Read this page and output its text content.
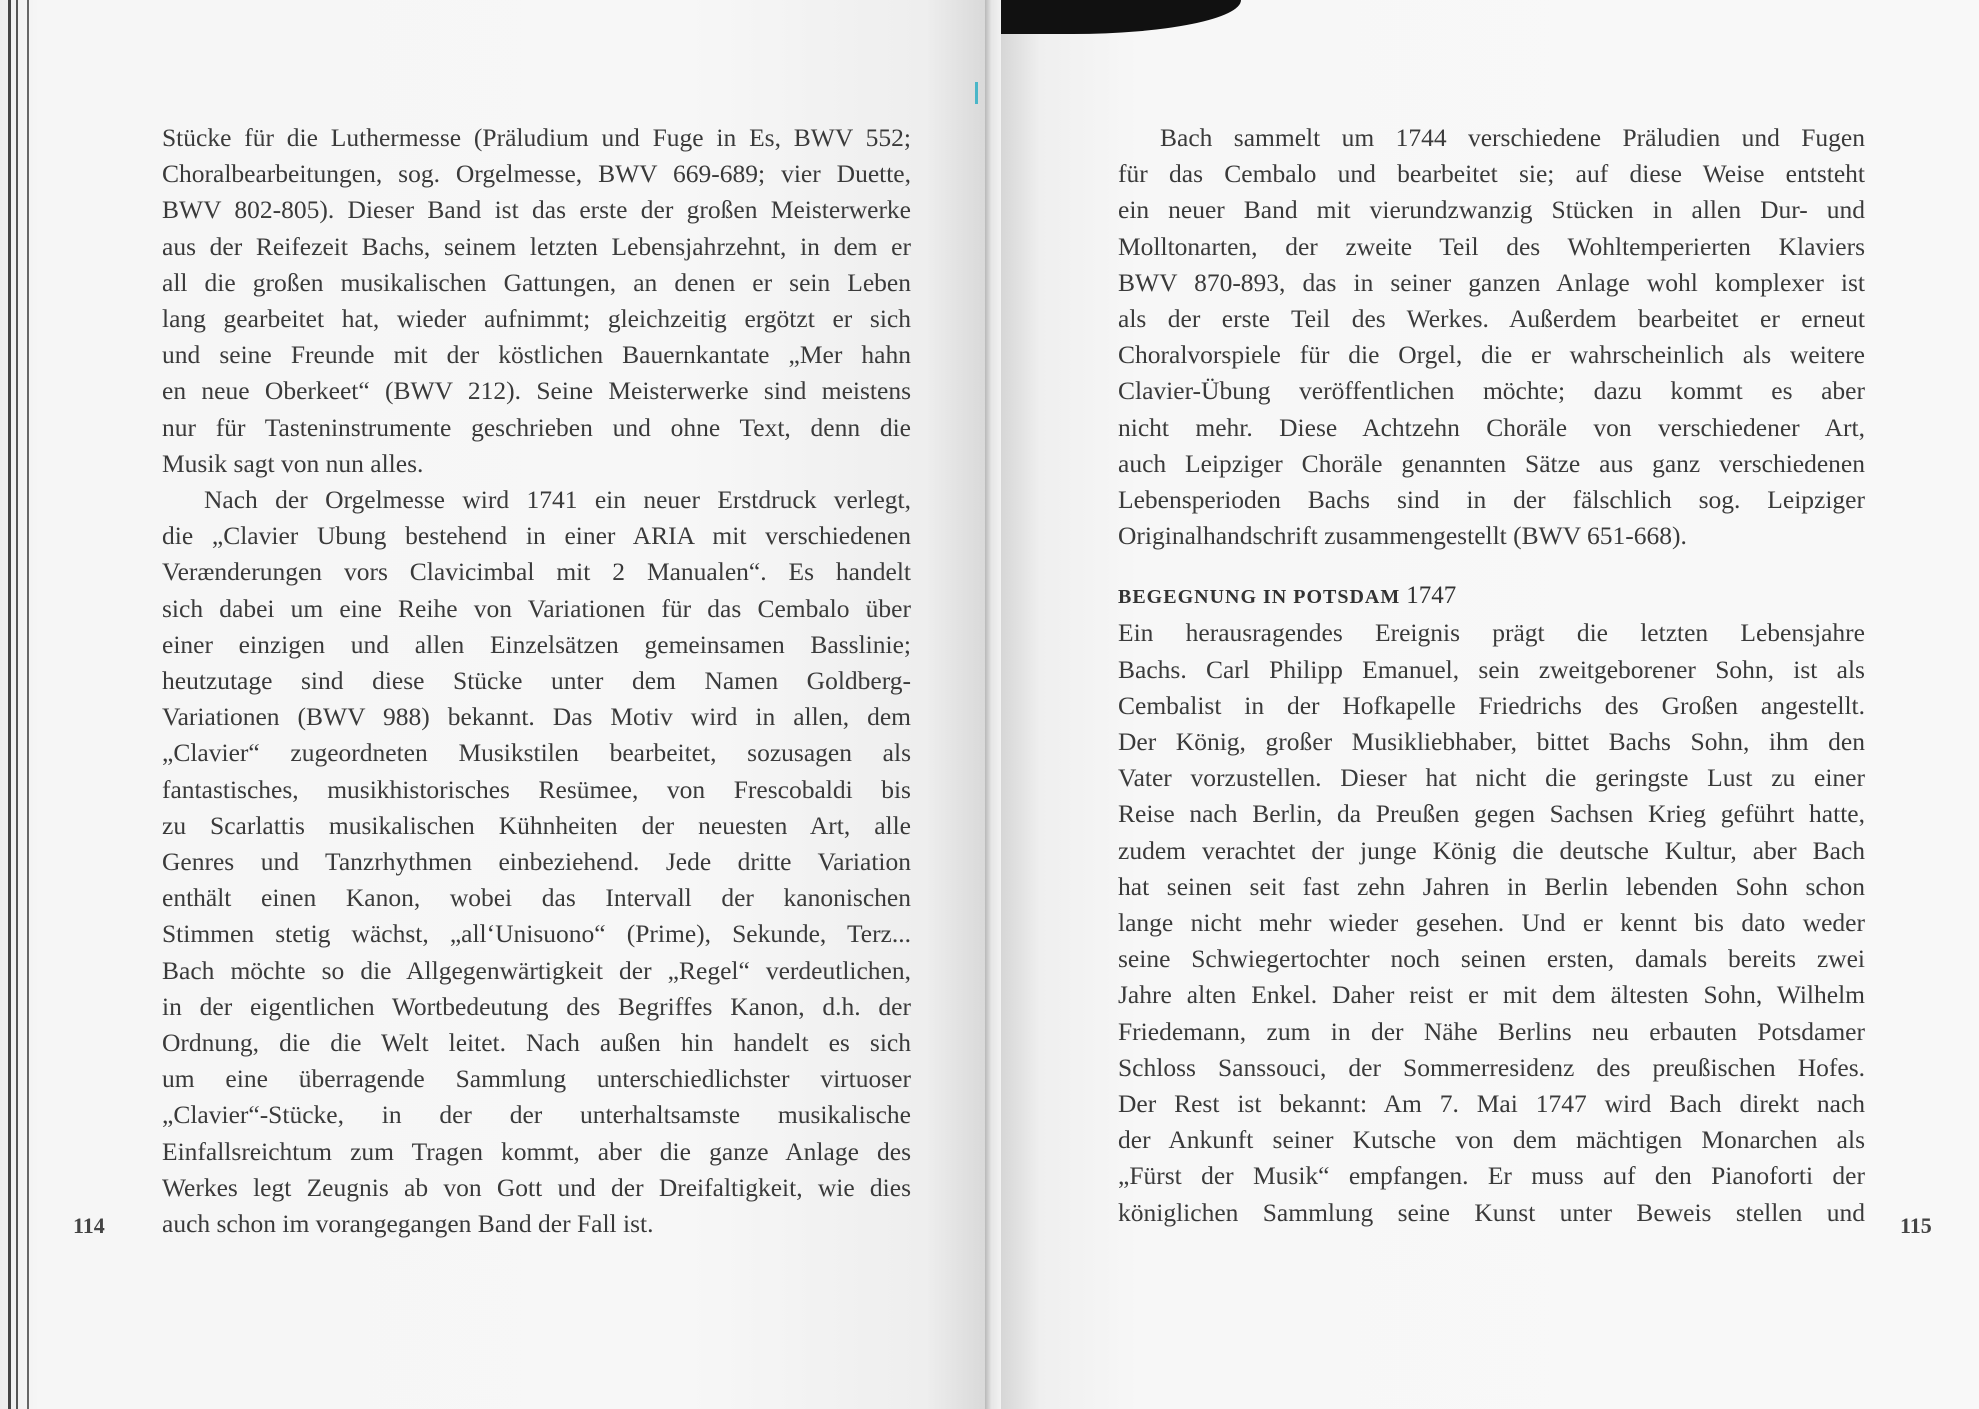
Stücke für die Luthermesse (Präludium und Fuge in Es, BWV 552;
Choralbearbeitungen, sog. Orgelmesse, BWV 669-689; vier Duette,
BWV 802-805). Dieser Band ist das erste der großen Meisterwerke
aus der Reifezeit Bachs, seinem letzten Lebensjahrzehnt, in dem er
all die großen musikalischen Gattungen, an denen er sein Leben
lang gearbeitet hat, wieder aufnimmt; gleichzeitig ergötzt er sich
und seine Freunde mit der köstlichen Bauernkantate „Mer hahn
en neue Oberkeet“ (BWV 212). Seine Meisterwerke sind meistens
nur für Tasteninstrumente geschrieben und ohne Text, denn die
Musik sagt von nun alles.
Nach der Orgelmesse wird 1741 ein neuer Erstdruck verlegt,
die „Clavier Ubung bestehend in einer ARIA mit verschiedenen
Verænderungen vors Clavicimbal mit 2 Manualen“. Es handelt
sich dabei um eine Reihe von Variationen für das Cembalo über
einer einzigen und allen Einzelsätzen gemeinsamen Basslinie;
heutzutage sind diese Stücke unter dem Namen Goldberg-
Variationen (BWV 988) bekannt. Das Motiv wird in allen, dem
„Clavier“ zugeordneten Musikstilen bearbeitet, sozusagen als
fantastisches, musikhistorisches Resümee, von Frescobaldi bis
zu Scarlattis musikalischen Kühnheiten der neuesten Art, alle
Genres und Tanzrhythmen einbeziehend. Jede dritte Variation
enthält einen Kanon, wobei das Intervall der kanonischen
Stimmen stetig wächst, „all‘Unisuono“ (Prime), Sekunde, Terz...
Bach möchte so die Allgegenwärtigkeit der „Regel“ verdeutlichen,
in der eigentlichen Wortbedeutung des Begriffes Kanon, d.h. der
Ordnung, die die Welt leitet. Nach außen hin handelt es sich
um eine überragende Sammlung unterschiedlichster virtuoser
„Clavier“-Stücke, in der der unterhaltsamste musikalische
Einfallsreichtum zum Tragen kommt, aber die ganze Anlage des
Werkes legt Zeugnis ab von Gott und der Dreifaltigkeit, wie dies
auch schon im vorangegangen Band der Fall ist.
114
Bach sammelt um 1744 verschiedene Präludien und Fugen
für das Cembalo und bearbeitet sie; auf diese Weise entsteht
ein neuer Band mit vierundzwanzig Stücken in allen Dur- und
Molltonarten, der zweite Teil des Wohltemperierten Klaviers
BWV 870-893, das in seiner ganzen Anlage wohl komplexer ist
als der erste Teil des Werkes. Außerdem bearbeitet er erneut
Choralvorspiele für die Orgel, die er wahrscheinlich als weitere
Clavier-Übung veröffentlichen möchte; dazu kommt es aber
nicht mehr. Diese Achtzehn Choräle von verschiedener Art,
auch Leipziger Choräle genannten Sätze aus ganz verschiedenen
Lebensperioden Bachs sind in der fälschlich sog. Leipziger
Originalhandschrift zusammengestellt (BWV 651-668).
BEGEGNUNG IN POTSDAM 1747
Ein herausragendes Ereignis prägt die letzten Lebensjahre
Bachs. Carl Philipp Emanuel, sein zweitgeborener Sohn, ist als
Cembalist in der Hofkapelle Friedrichs des Großen angestellt.
Der König, großer Musikliebhaber, bittet Bachs Sohn, ihm den
Vater vorzustellen. Dieser hat nicht die geringste Lust zu einer
Reise nach Berlin, da Preußen gegen Sachsen Krieg geführt hatte,
zudem verachtet der junge König die deutsche Kultur, aber Bach
hat seinen seit fast zehn Jahren in Berlin lebenden Sohn schon
lange nicht mehr wieder gesehen. Und er kennt bis dato weder
seine Schwiegertochter noch seinen ersten, damals bereits zwei
Jahre alten Enkel. Daher reist er mit dem ältesten Sohn, Wilhelm
Friedemann, zum in der Nähe Berlins neu erbauten Potsdamer
Schloss Sanssouci, der Sommerresidenz des preußischen Hofes.
Der Rest ist bekannt: Am 7. Mai 1747 wird Bach direkt nach
der Ankunft seiner Kutsche von dem mächtigen Monarchen als
„Fürst der Musik“ empfangen. Er muss auf den Pianoforti der
königlichen Sammlung seine Kunst unter Beweis stellen und 115
